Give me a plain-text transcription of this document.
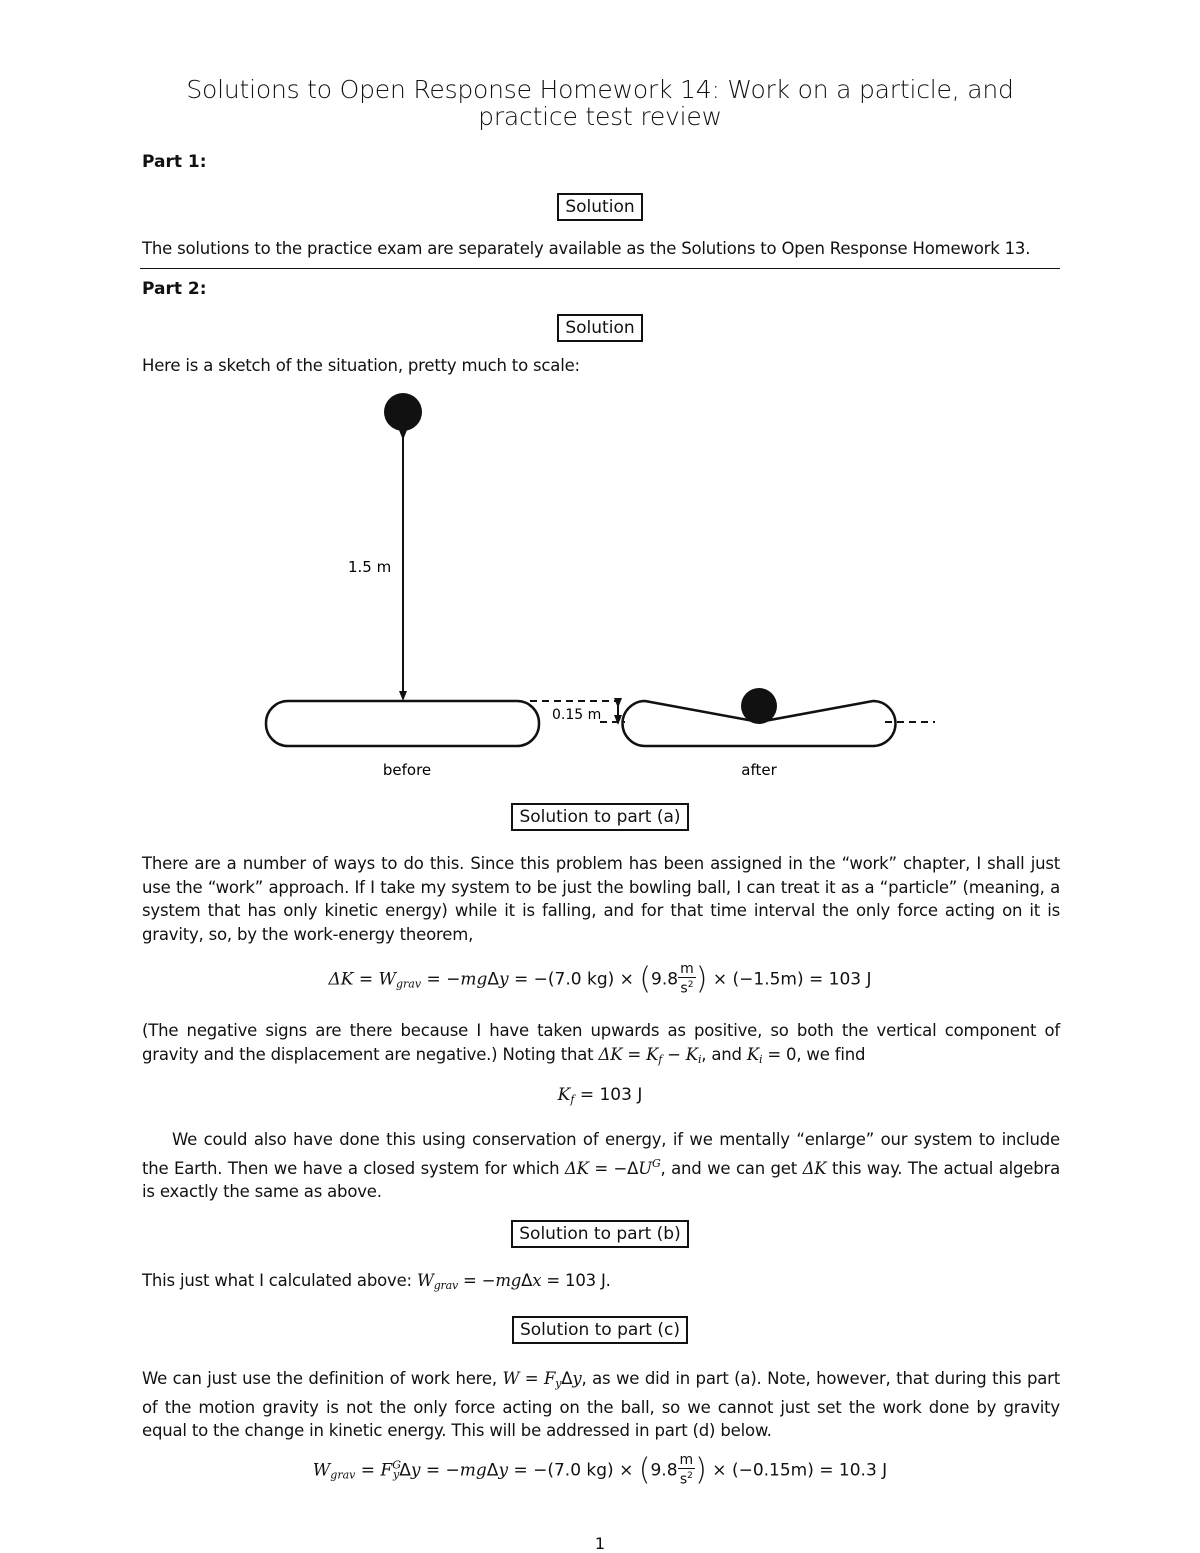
Solutions to Open Response Homework 14: Work on a particle, and practice test review
Part 1:
Solution
The solutions to the practice exam are separately available as the Solutions to Open Response Homework 13.
Part 2:
Solution
Here is a sketch of the situation, pretty much to scale:
1.5 m
0.15 m
before	after
Solution to part (a)
There are a number of ways to do this. Since this problem has been assigned in the “work” chapter, I shall just use the “work” approach. If I take my system to be just the bowling ball, I can treat it as a “particle” (meaning, a system that has only kinetic energy) while it is falling, and for that time interval the only force acting on it is gravity, so, by the work-energy theorem,
$\Delta K = W_{grav} = -mg\Delta y = -(7.0$ $kg) \times (9.8 \frac{m}{s^2}$ ) × (−1.5m) = 103 J
(The negative signs are there because I have taken upwards as positive, so both the vertical component of gravity and the displacement are negative.) Noting that $\Delta K = K_f - K_i$, and $K_i = 0$, we find
$K_f = 103$ J
We could also have done this using conservation of energy, if we mentally “enlarge” our system to include the Earth. Then we have a closed system for which $\Delta K = -\Delta U^G$, and we can get ΔK this way. The actual algebra is exactly the same as above.
Solution to part (b)
This just what I calculated above: $W_{grav} = -mg\Delta x = 103$ J.
Solution to part (c)
We can just use the definition of work here, $W = F_y\Delta y$, as we did in part (a). Note, however, that during this part of the motion gravity is not the only force acting on the ball, so we cannot just set the work done by gravity equal to the change in kinetic energy. This will be addressed in part (d) below.
$W_{grav} = F^G_y\Delta y = -mg\Delta y = -(7.0$ $kg) \times (9.8 \frac{m}{s^2}$ ) × (−0.15m) = 10.3 J
1
